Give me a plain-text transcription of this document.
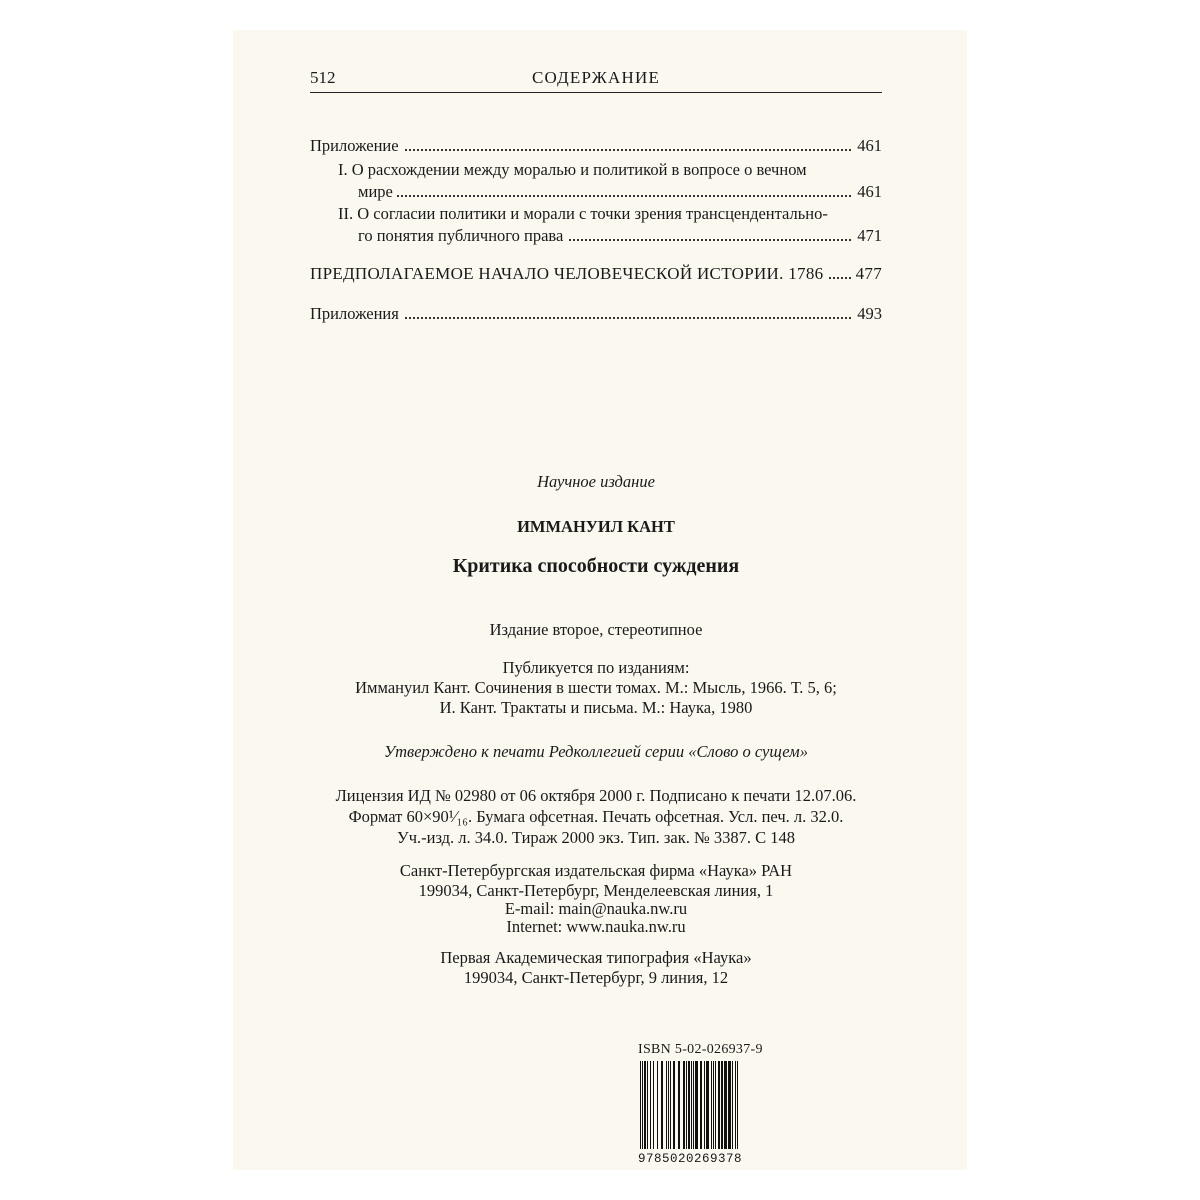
512	СОДЕРЖАНИЕ
Приложение	461
I. О расхождении между моралью и политикой в вопросе о вечном
мире	461
II. О согласии политики и морали с точки зрения трансцендентально-
го понятия публичного права	471
ПРЕДПОЛАГАЕМОЕ НАЧАЛО ЧЕЛОВЕЧЕСКОЙ ИСТОРИИ. 1786 477
Приложения	493
Научное издание
ИММАНУИЛ КАНТ
Критика способности суждения
Издание второе, стереотипное
Публикуется по изданиям:
Иммануил Кант. Сочинения в шести томах. М.: Мысль, 1966. Т. 5, 6;
И. Кант. Трактаты и письма. М.: Наука, 1980
Утверждено к печати Редколлегией серии «Слово о сущем»
Лицензия ИД № 02980 от 06 октября 2000 г. Подписано к печати 12.07.06.
Формат 60×90¹⁄₁₆. Бумага офсетная. Печать офсетная. Усл. печ. л. 32.0.
Уч.-изд. л. 34.0. Тираж 2000 экз. Тип. зак. № 3387. С 148
Санкт-Петербургская издательская фирма «Наука» РАН
199034, Санкт-Петербург, Менделеевская линия, 1
E-mail: main@nauka.nw.ru
Internet: www.nauka.nw.ru
Первая Академическая типография «Наука»
199034, Санкт-Петербург, 9 линия, 12
ISBN 5-02-026937-9
9785020269378
